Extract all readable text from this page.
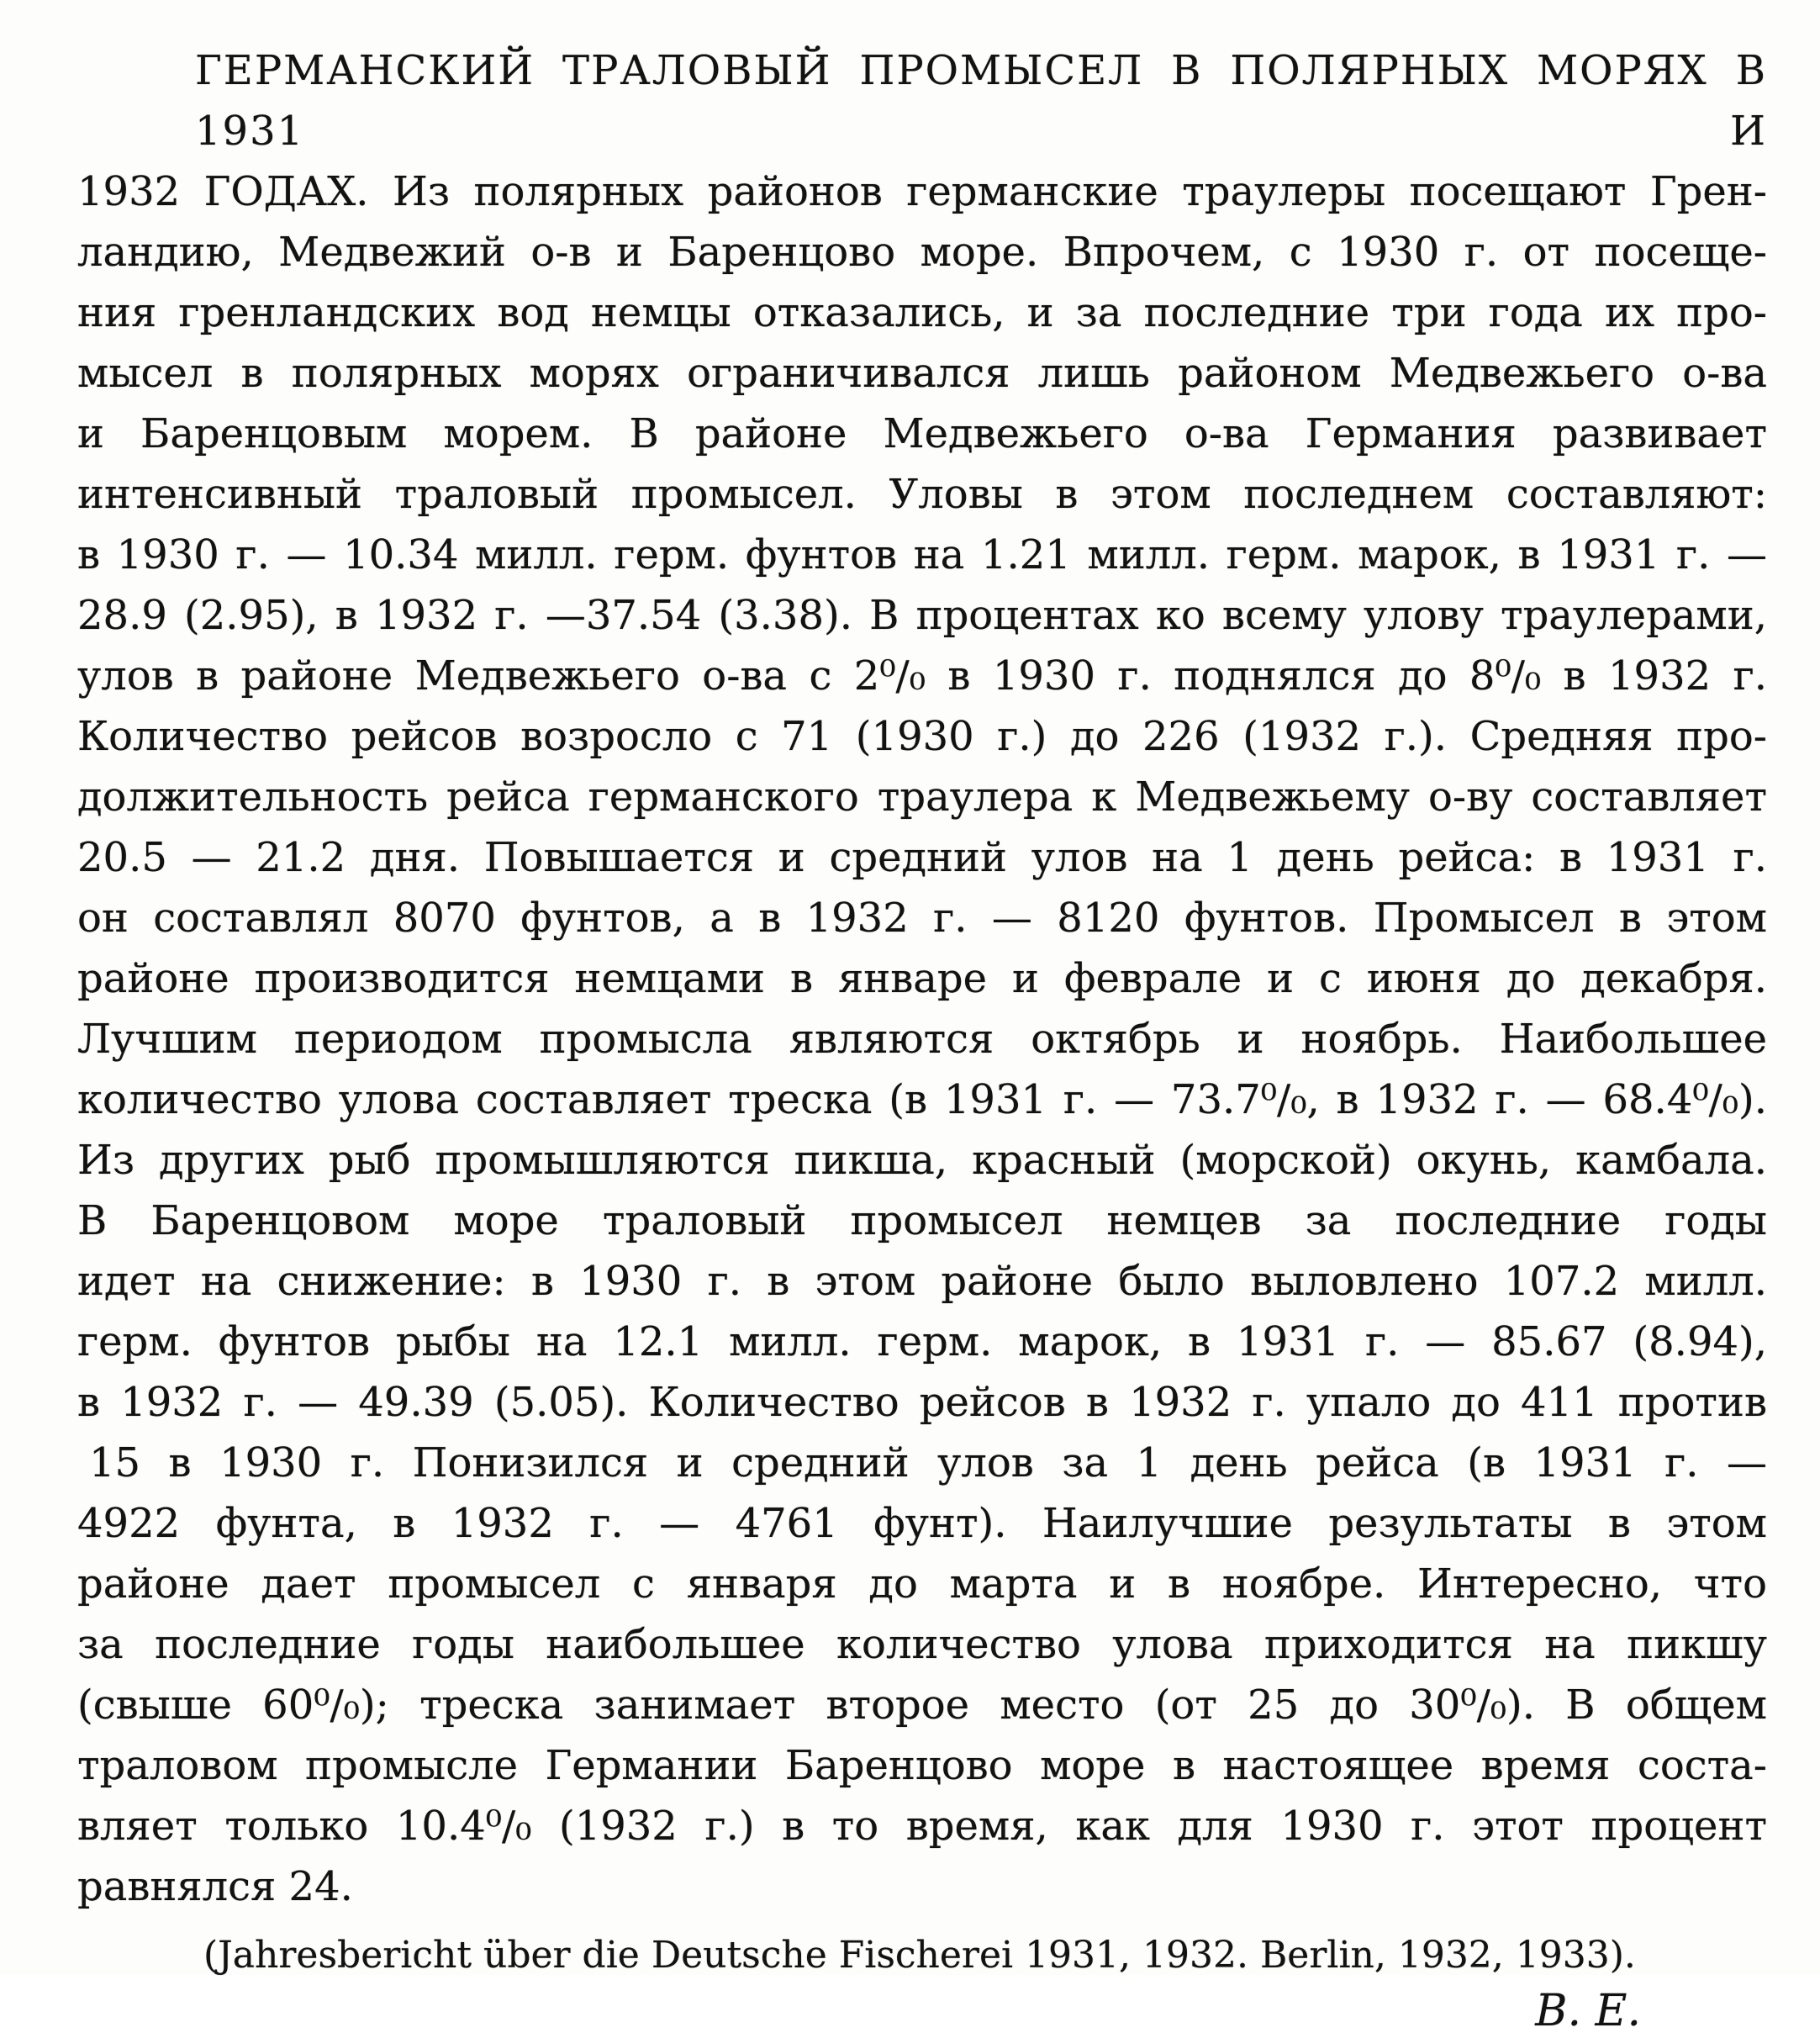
ГЕРМАНСКИЙ ТРАЛОВЫЙ ПРОМЫСЕЛ В ПОЛЯРНЫХ МОРЯХ В 1931 И
1932 ГОДАХ. Из полярных районов германские траулеры посещают Грен-
ландию, Медвежий о-в и Баренцово море. Впрочем, с 1930 г. от посеще-
ния гренландских вод немцы отказались, и за последние три года их про-
мысел в полярных морях ограничивался лишь районом Медвежьего о-ва
и Баренцовым морем. В районе Медвежьего о-ва Германия развивает
интенсивный траловый промысел. Уловы в этом последнем составляют:
в 1930 г. — 10.34 милл. герм. фунтов на 1.21 милл. герм. марок, в 1931 г. —
28.9 (2.95), в 1932 г. —37.54 (3.38). В процентах ко всему улову траулерами,
улов в районе Медвежьего о-ва с 2⁰/₀ в 1930 г. поднялся до 8⁰/₀ в 1932 г.
Количество рейсов возросло с 71 (1930 г.) до 226 (1932 г.). Средняя про-
должительность рейса германского траулера к Медвежьему о-ву составляет
20.5 — 21.2 дня. Повышается и средний улов на 1 день рейса: в 1931 г.
он составлял 8070 фунтов, а в 1932 г. — 8120 фунтов. Промысел в этом
районе производится немцами в январе и феврале и с июня до декабря.
Лучшим периодом промысла являются октябрь и ноябрь. Наибольшее
количество улова составляет треска (в 1931 г. — 73.7⁰/₀, в 1932 г. — 68.4⁰/₀).
Из других рыб промышляются пикша, красный (морской) окунь, камбала.
В Баренцовом море траловый промысел немцев за последние годы
идет на снижение: в 1930 г. в этом районе было выловлено 107.2 милл.
герм. фунтов рыбы на 12.1 милл. герм. марок, в 1931 г. — 85.67 (8.94),
в 1932 г. — 49.39 (5.05). Количество рейсов в 1932 г. упало до 411 против
15 в 1930 г. Понизился и средний улов за 1 день рейса (в 1931 г. —
4922 фунта, в 1932 г. — 4761 фунт). Наилучшие результаты в этом
районе дает промысел с января до марта и в ноябре. Интересно, что
за последние годы наибольшее количество улова приходится на пикшу
(свыше 60⁰/₀); треска занимает второе место (от 25 до 30⁰/₀). В общем
траловом промысле Германии Баренцово море в настоящее время соста-
вляет только 10.4⁰/₀ (1932 г.) в то время, как для 1930 г. этот процент
равнялся 24.
(Jahresbericht über die Deutsche Fischerei 1931, 1932. Berlin, 1932, 1933).
В. Е.
